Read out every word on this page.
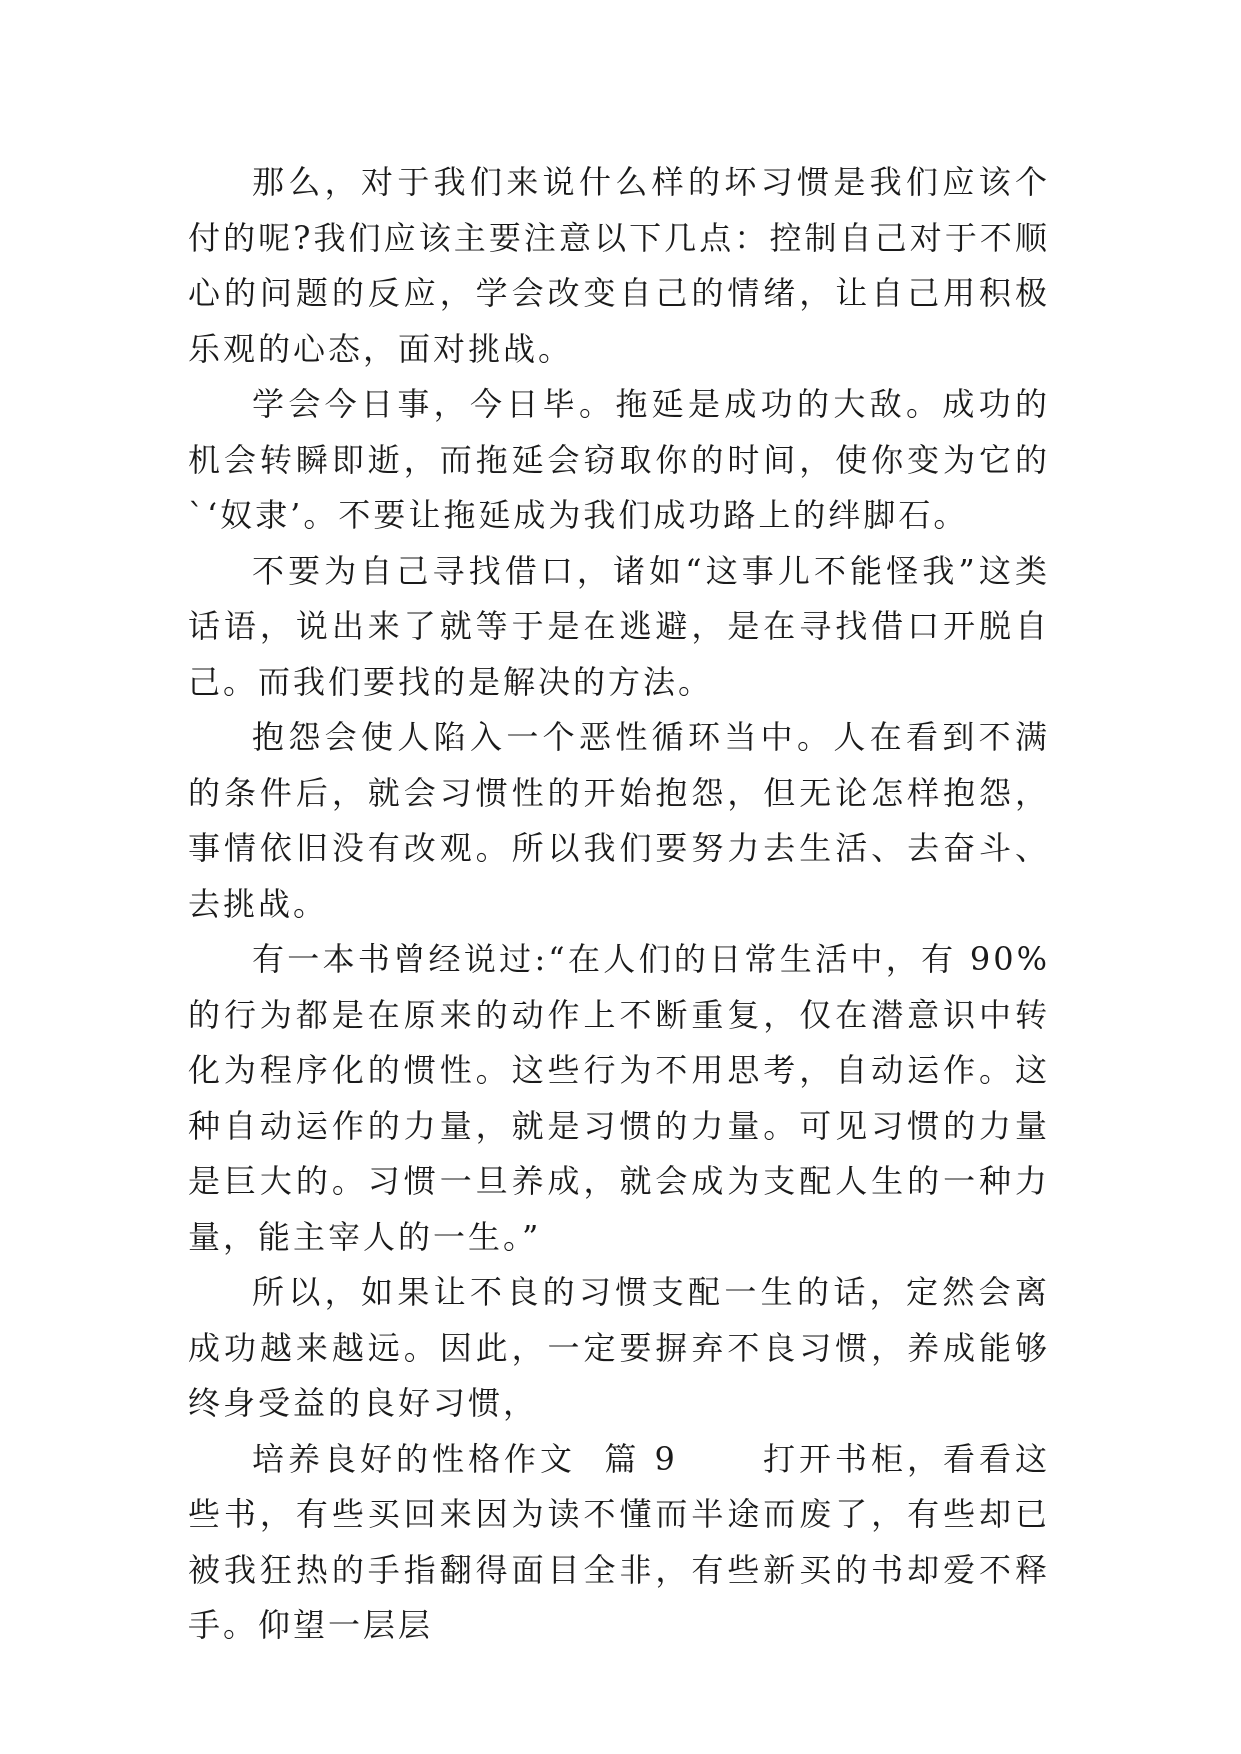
那么，对于我们来说什么样的坏习惯是我们应该个付的呢?我们应该主要注意以下几点：控制自己对于不顺心的问题的反应，学会改变自己的情绪，让自己用积极乐观的心态，面对挑战。

学会今日事，今日毕。拖延是成功的大敌。成功的机会转瞬即逝，而拖延会窃取你的时间，使你变为它的`‘奴隶’。不要让拖延成为我们成功路上的绊脚石。

不要为自己寻找借口，诸如“这事儿不能怪我”这类话语，说出来了就等于是在逃避，是在寻找借口开脱自己。而我们要找的是解决的方法。

抱怨会使人陷入一个恶性循环当中。人在看到不满的条件后，就会习惯性的开始抱怨，但无论怎样抱怨，事情依旧没有改观。所以我们要努力去生活、去奋斗、去挑战。

有一本书曾经说过:“在人们的日常生活中，有 90%的行为都是在原来的动作上不断重复，仅在潜意识中转化为程序化的惯性。这些行为不用思考，自动运作。这种自动运作的力量，就是习惯的力量。可见习惯的力量是巨大的。习惯一旦养成，就会成为支配人生的一种力量，能主宰人的一生。”

所以，如果让不良的习惯支配一生的话，定然会离成功越来越远。因此，一定要摒弃不良习惯，养成能够终身受益的良好习惯，

培养良好的性格作文  篇 9      打开书柜，看看这些书，有些买回来因为读不懂而半途而废了，有些却已被我狂热的手指翻得面目全非，有些新买的书却爱不释手。仰望一层层
